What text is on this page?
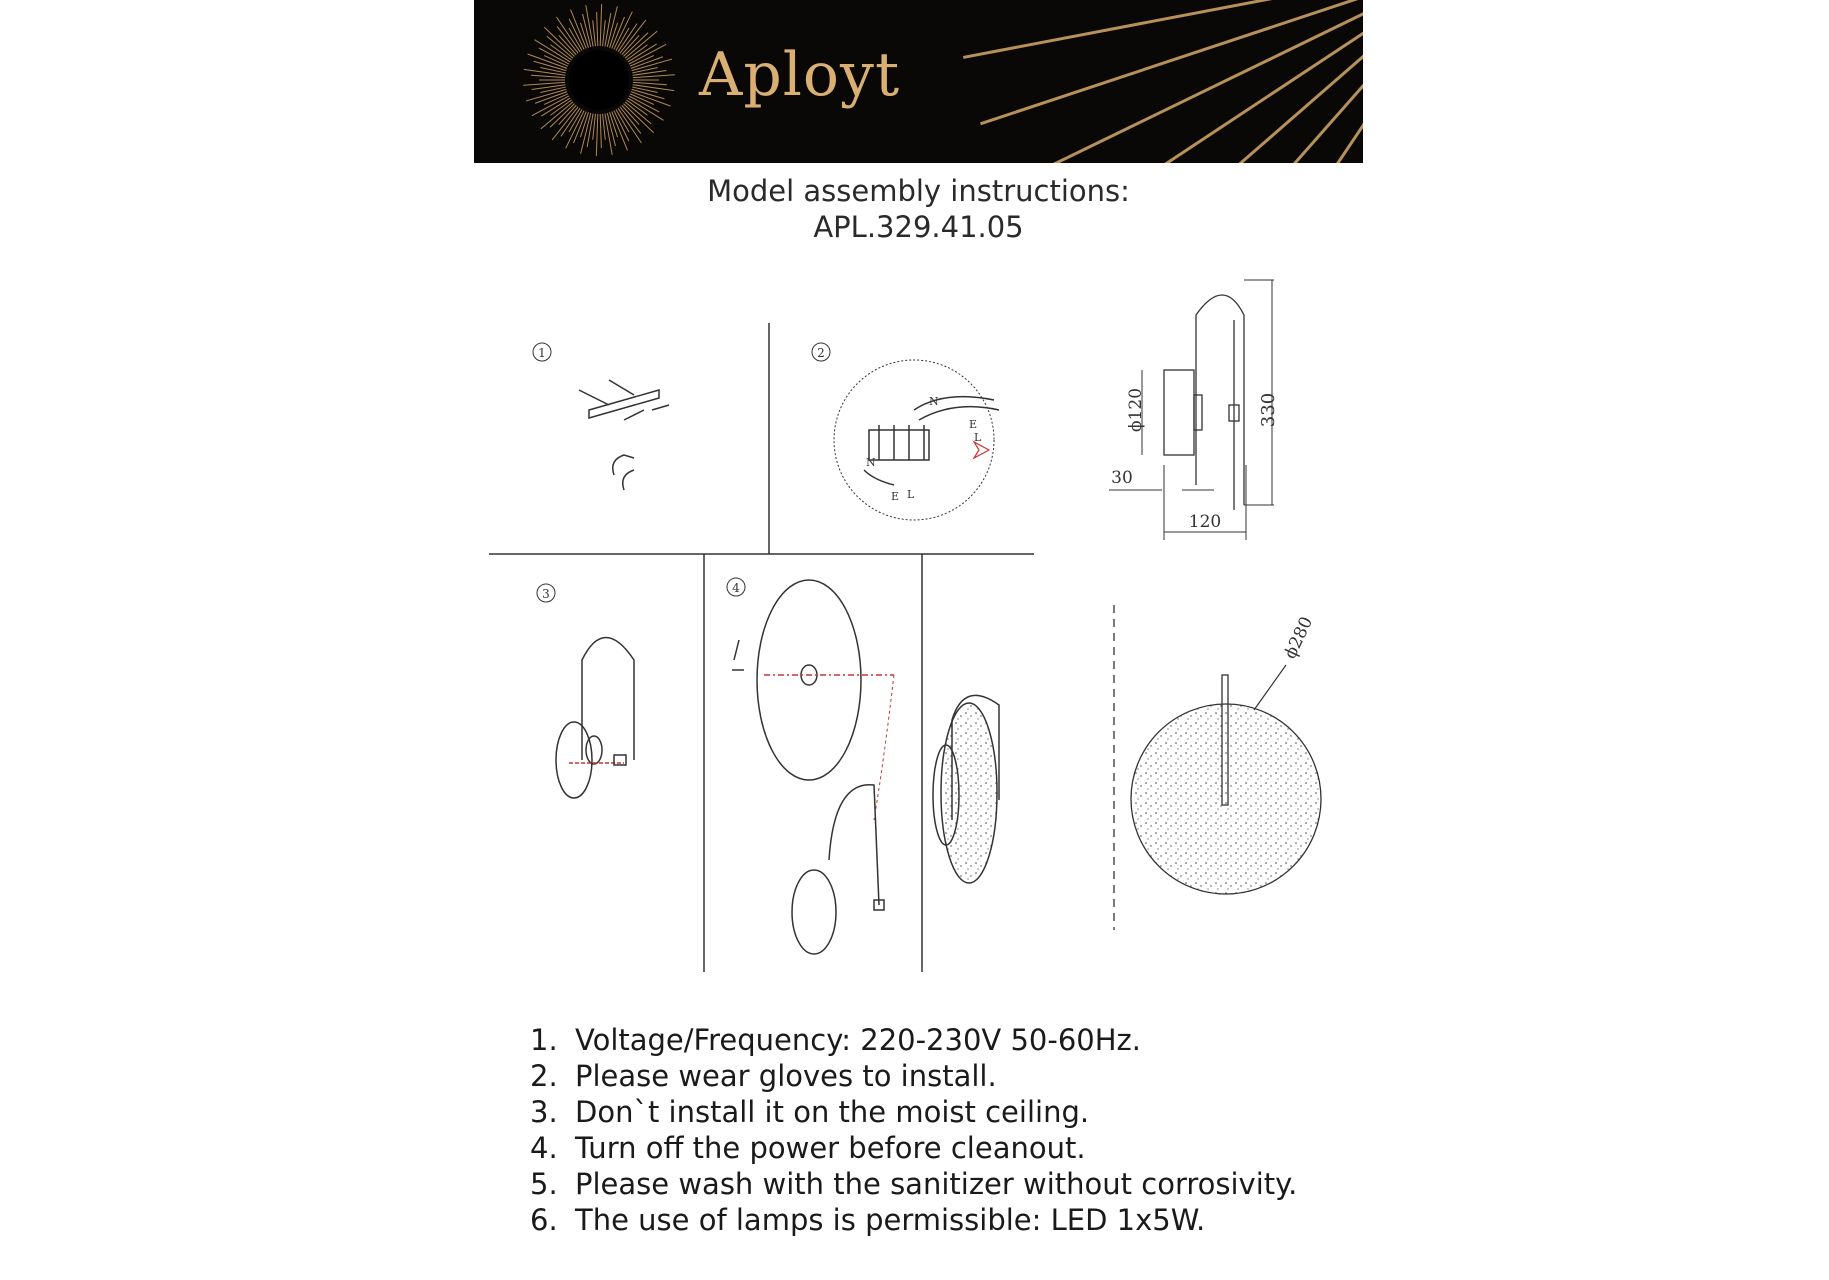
Aployt
Model assembly instructions:
APL.329.41.05
1	2
N
E
L
N
E L
330
ϕ120
120
30
3	4
ϕ280
1. Voltage/Frequency: 220-230V 50-60Hz.
2. Please wear gloves to install.
3. Don`t install it on the moist ceiling.
4. Turn off the power before cleanout.
5. Please wash with the sanitizer without corrosivity.
6. The use of lamps is permissible: LED 1x5W.
